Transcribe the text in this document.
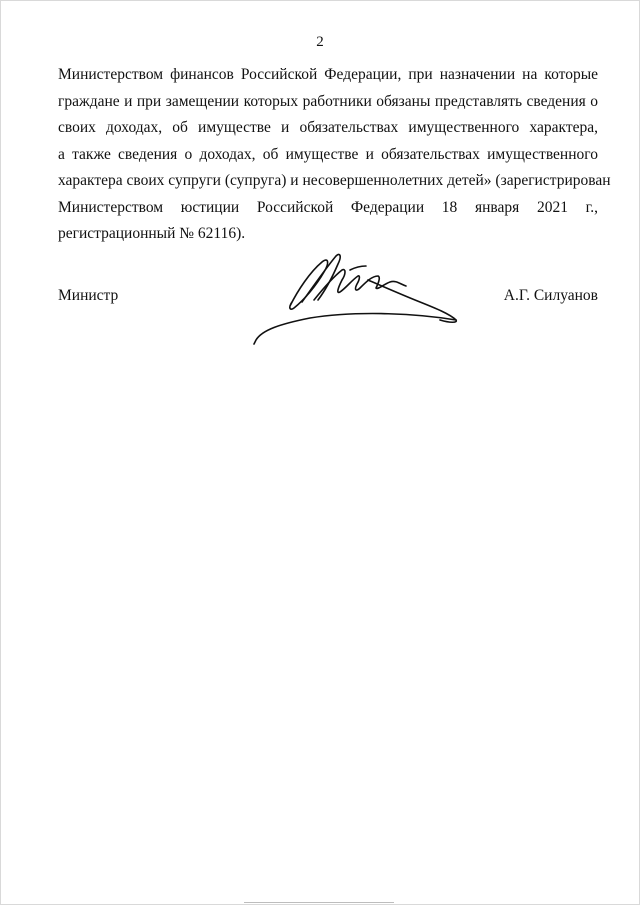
2
Министерством финансов Российской Федерации, при назначении на которые
граждане и при замещении которых работники обязаны представлять сведения о
своих доходах, об имуществе и обязательствах имущественного характера,
а также сведения о доходах, об имуществе и обязательствах имущественного
характера своих супруги (супруга) и несовершеннолетних детей» (зарегистрирован
Министерством юстиции Российской Федерации 18 января 2021 г.,
регистрационный № 62116).
Министр	А.Г. Силуанов
